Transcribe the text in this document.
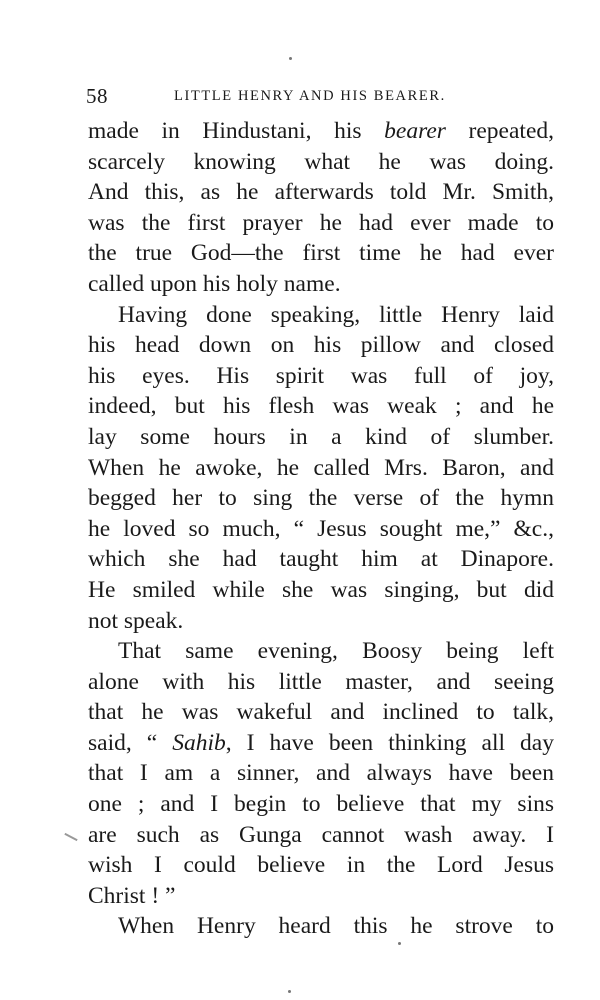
58	LITTLE HENRY AND HIS BEARER.
made in Hindustani, his bearer repeated,
scarcely knowing what he was doing.
And this, as he afterwards told Mr. Smith,
was the first prayer he had ever made to
the true God—the first time he had ever
called upon his holy name.
Having done speaking, little Henry laid
his head down on his pillow and closed
his eyes. His spirit was full of joy,
indeed, but his flesh was weak ; and he
lay some hours in a kind of slumber.
When he awoke, he called Mrs. Baron, and
begged her to sing the verse of the hymn
he loved so much, “ Jesus sought me,” &c.,
which she had taught him at Dinapore.
He smiled while she was singing, but did
not speak.
That same evening, Boosy being left
alone with his little master, and seeing
that he was wakeful and inclined to talk,
said, “ Sahib, I have been thinking all day
that I am a sinner, and always have been
one ; and I begin to believe that my sins
are such as Gunga cannot wash away. I
wish I could believe in the Lord Jesus
Christ ! ”
When Henry heard this he strove to
